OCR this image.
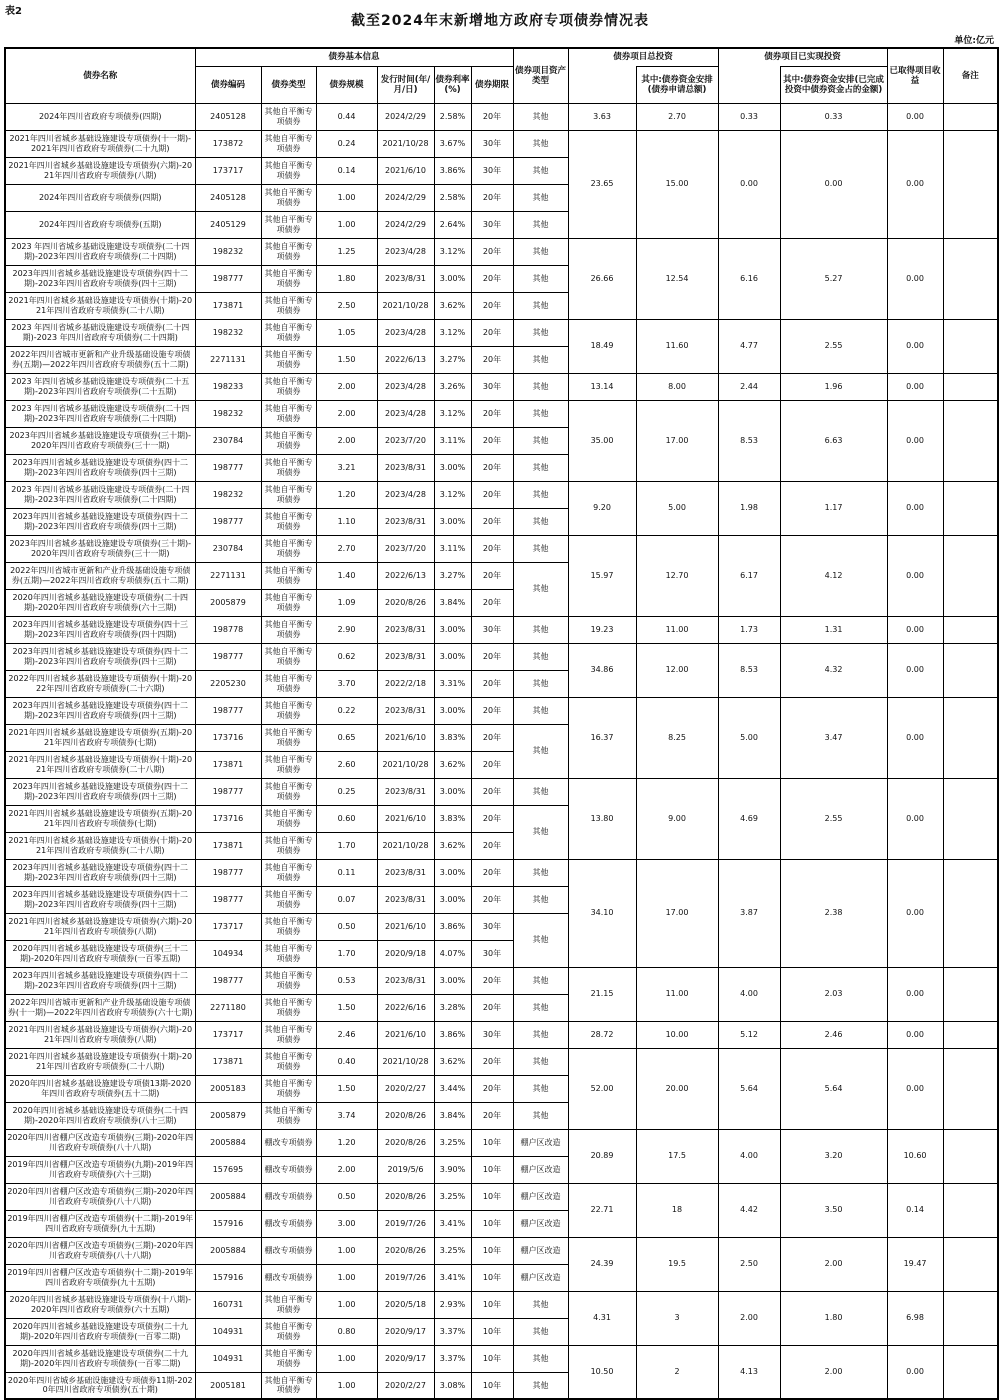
表2
截至2024年末新增地方政府专项债券情况表
单位:亿元
债券名称	债券基本信息						债券项目资产类型	债券项目总投资		债券项目已实现投资		已取得项目收益	备注
	债券编码	债券类型	债券规模	发行时间(年/月/日)	债券利率(%)	债券期限			其中:债券资金安排(债券申请总额)		其中:债券资金安排(已完成投资中债券资金占的金额)		

2024年四川省政府专项债券(四期)	2405128	其他自平衡专项债券	0.44	2024/2/29	2.58%	20年	其他	3.63	2.70	0.33	0.33	0.00	

2021年四川省城乡基础设施建设专项债券(十一期)-2021年四川省政府专项债券(二十九期)	173872	其他自平衡专项债券	0.24	2021/10/28	3.67%	30年	其他	23.65	15.00	0.00	0.00	0.00	

2021年四川省城乡基础设施建设专项债券(六期)-2021年四川省政府专项债券(八期)	173717	其他自平衡专项债券	0.14	2021/6/10	3.86%	30年	其他						

2024年四川省政府专项债券(四期)	2405128	其他自平衡专项债券	1.00	2024/2/29	2.58%	20年	其他						

2024年四川省政府专项债券(五期)	2405129	其他自平衡专项债券	1.00	2024/2/29	2.64%	30年	其他						

2023 年四川省城乡基础设施建设专项债券(二十四期)-2023年四川省政府专项债券(二十四期)	198232	其他自平衡专项债券	1.25	2023/4/28	3.12%	20年	其他	26.66	12.54	6.16	5.27	0.00	

2023年四川省城乡基础设施建设专项债券(四十二期)-2023年四川省政府专项债券(四十三期)	198777	其他自平衡专项债券	1.80	2023/8/31	3.00%	20年	其他						

2021年四川省城乡基础设施建设专项债券(十期)-2021年四川省政府专项债券(二十八期)	173871	其他自平衡专项债券	2.50	2021/10/28	3.62%	20年	其他						

2023 年四川省城乡基础设施建设专项债券(二十四期)-2023 年四川省政府专项债券(二十四期)	198232	其他自平衡专项债券	1.05	2023/4/28	3.12%	20年	其他	18.49	11.60	4.77	2.55	0.00	

2022年四川省城市更新和产业升级基础设施专项债券(五期)—2022年四川省政府专项债券(五十二期)	2271131	其他自平衡专项债券	1.50	2022/6/13	3.27%	20年	其他						

2023 年四川省城乡基础设施建设专项债券(二十五期)-2023年四川省政府专项债券(二十五期)	198233	其他自平衡专项债券	2.00	2023/4/28	3.26%	30年	其他	13.14	8.00	2.44	1.96	0.00	

2023 年四川省城乡基础设施建设专项债券(二十四期)-2023年四川省政府专项债券(二十四期)	198232	其他自平衡专项债券	2.00	2023/4/28	3.12%	20年	其他	35.00	17.00	8.53	6.63	0.00	

2023年四川省城乡基础设施建设专项债券(三十期)-2020年四川省政府专项债券(三十一期)	230784	其他自平衡专项债券	2.00	2023/7/20	3.11%	20年	其他						

2023年四川省城乡基础设施建设专项债券(四十二期)-2023年四川省政府专项债券(四十三期)	198777	其他自平衡专项债券	3.21	2023/8/31	3.00%	20年	其他						

2023 年四川省城乡基础设施建设专项债券(二十四期)-2023年四川省政府专项债券(二十四期)	198232	其他自平衡专项债券	1.20	2023/4/28	3.12%	20年	其他	9.20	5.00	1.98	1.17	0.00	

2023年四川省城乡基础设施建设专项债券(四十二期)-2023年四川省政府专项债券(四十三期)	198777	其他自平衡专项债券	1.10	2023/8/31	3.00%	20年	其他						

2023年四川省城乡基础设施建设专项债券(三十期)-2020年四川省政府专项债券(三十一期)	230784	其他自平衡专项债券	2.70	2023/7/20	3.11%	20年	其他	15.97	12.70	6.17	4.12	0.00	

2022年四川省城市更新和产业升级基础设施专项债券(五期)—2022年四川省政府专项债券(五十二期)	2271131	其他自平衡专项债券	1.40	2022/6/13	3.27%	20年	其他						

2020年四川省城乡基础设施建设专项债券(二十四期)-2020年四川省政府专项债券(六十三期)	2005879	其他自平衡专项债券	1.09	2020/8/26	3.84%	20年							

2023年四川省城乡基础设施建设专项债券(四十三期)-2023年四川省政府专项债券(四十四期)	198778	其他自平衡专项债券	2.90	2023/8/31	3.00%	30年	其他	19.23	11.00	1.73	1.31	0.00	

2023年四川省城乡基础设施建设专项债券(四十二期)-2023年四川省政府专项债券(四十三期)	198777	其他自平衡专项债券	0.62	2023/8/31	3.00%	20年	其他	34.86	12.00	8.53	4.32	0.00	

2022年四川省城乡基础设施建设专项债券(十期)-2022年四川省政府专项债券(二十六期)	2205230	其他自平衡专项债券	3.70	2022/2/18	3.31%	20年	其他						

2023年四川省城乡基础设施建设专项债券(四十二期)-2023年四川省政府专项债券(四十三期)	198777	其他自平衡专项债券	0.22	2023/8/31	3.00%	20年	其他	16.37	8.25	5.00	3.47	0.00	

2021年四川省城乡基础设施建设专项债券(五期)-2021年四川省政府专项债券(七期)	173716	其他自平衡专项债券	0.65	2021/6/10	3.83%	20年	其他						

2021年四川省城乡基础设施建设专项债券(十期)-2021年四川省政府专项债券(二十八期)	173871	其他自平衡专项债券	2.60	2021/10/28	3.62%	20年							

2023年四川省城乡基础设施建设专项债券(四十二期)-2023年四川省政府专项债券(四十三期)	198777	其他自平衡专项债券	0.25	2023/8/31	3.00%	20年	其他	13.80	9.00	4.69	2.55	0.00	

2021年四川省城乡基础设施建设专项债券(五期)-2021年四川省政府专项债券(七期)	173716	其他自平衡专项债券	0.60	2021/6/10	3.83%	20年	其他						

2021年四川省城乡基础设施建设专项债券(十期)-2021年四川省政府专项债券(二十八期)	173871	其他自平衡专项债券	1.70	2021/10/28	3.62%	20年							

2023年四川省城乡基础设施建设专项债券(四十二期)-2023年四川省政府专项债券(四十三期)	198777	其他自平衡专项债券	0.11	2023/8/31	3.00%	20年	其他	34.10	17.00	3.87	2.38	0.00	

2023年四川省城乡基础设施建设专项债券(四十二期)-2023年四川省政府专项债券(四十三期)	198777	其他自平衡专项债券	0.07	2023/8/31	3.00%	20年	其他						

2021年四川省城乡基础设施建设专项债券(六期)-2021年四川省政府专项债券(八期)	173717	其他自平衡专项债券	0.50	2021/6/10	3.86%	30年	其他						

2020年四川省城乡基础设施建设专项债券(三十二期)-2020年四川省政府专项债券(一百零五期)	104934	其他自平衡专项债券	1.70	2020/9/18	4.07%	30年							

2023年四川省城乡基础设施建设专项债券(四十二期)-2023年四川省政府专项债券(四十三期)	198777	其他自平衡专项债券	0.53	2023/8/31	3.00%	20年	其他	21.15	11.00	4.00	2.03	0.00	

2022年四川省城市更新和产业升级基础设施专项债券(十一期)—2022年四川省政府专项债券(六十七期)	2271180	其他自平衡专项债券	1.50	2022/6/16	3.28%	20年	其他						

2021年四川省城乡基础设施建设专项债券(六期)-2021年四川省政府专项债券(八期)	173717	其他自平衡专项债券	2.46	2021/6/10	3.86%	30年	其他	28.72	10.00	5.12	2.46	0.00	

2021年四川省城乡基础设施建设专项债券(十期)-2021年四川省政府专项债券(二十八期)	173871	其他自平衡专项债券	0.40	2021/10/28	3.62%	20年	其他	52.00	20.00	5.64	5.64	0.00	

2020年四川省城乡基础设施建设专项债13期-2020年四川省政府专项债券(五十二期)	2005183	其他自平衡专项债券	1.50	2020/2/27	3.44%	20年	其他						

2020年四川省城乡基础设施建设专项债券(二十四期)-2020年四川省政府专项债券(八十三期)	2005879	其他自平衡专项债券	3.74	2020/8/26	3.84%	20年	其他						

2020年四川省棚户区改造专项债券(三期)-2020年四川省政府专项债券(八十八期)	2005884	棚改专项债券	1.20	2020/8/26	3.25%	10年	棚户区改造	20.89	17.5	4.00	3.20	10.60	

2019年四川省棚户区改造专项债券(九期)-2019年四川省政府专项债券(六十三期)	157695	棚改专项债券	2.00	2019/5/6	3.90%	10年	棚户区改造						

2020年四川省棚户区改造专项债券(三期)-2020年四川省政府专项债券(八十八期)	2005884	棚改专项债券	0.50	2020/8/26	3.25%	10年	棚户区改造	22.71	18	4.42	3.50	0.14	

2019年四川省棚户区改造专项债券(十二期)-2019年四川省政府专项债券(九十五期)	157916	棚改专项债券	3.00	2019/7/26	3.41%	10年	棚户区改造						

2020年四川省棚户区改造专项债券(三期)-2020年四川省政府专项债券(八十八期)	2005884	棚改专项债券	1.00	2020/8/26	3.25%	10年	棚户区改造	24.39	19.5	2.50	2.00	19.47	

2019年四川省棚户区改造专项债券(十二期)-2019年四川省政府专项债券(九十五期)	157916	棚改专项债券	1.00	2019/7/26	3.41%	10年	棚户区改造						

2020年四川省城乡基础设施建设专项债券(十八期)-2020年四川省政府专项债券(六十五期)	160731	其他自平衡专项债券	1.00	2020/5/18	2.93%	10年	其他	4.31	3	2.00	1.80	6.98	

2020年四川省城乡基础设施建设专项债券(二十九期)-2020年四川省政府专项债券(一百零二期)	104931	其他自平衡专项债券	0.80	2020/9/17	3.37%	10年	其他						

2020年四川省城乡基础设施建设专项债券(二十九期)-2020年四川省政府专项债券(一百零二期)	104931	其他自平衡专项债券	1.00	2020/9/17	3.37%	10年	其他	10.50	2	4.13	2.00	0.00	

2020年四川省城乡基础设施建设专项债券11期-2020年四川省政府专项债券(五十期)	2005181	其他自平衡专项债券	1.00	2020/2/27	3.08%	10年	其他						
